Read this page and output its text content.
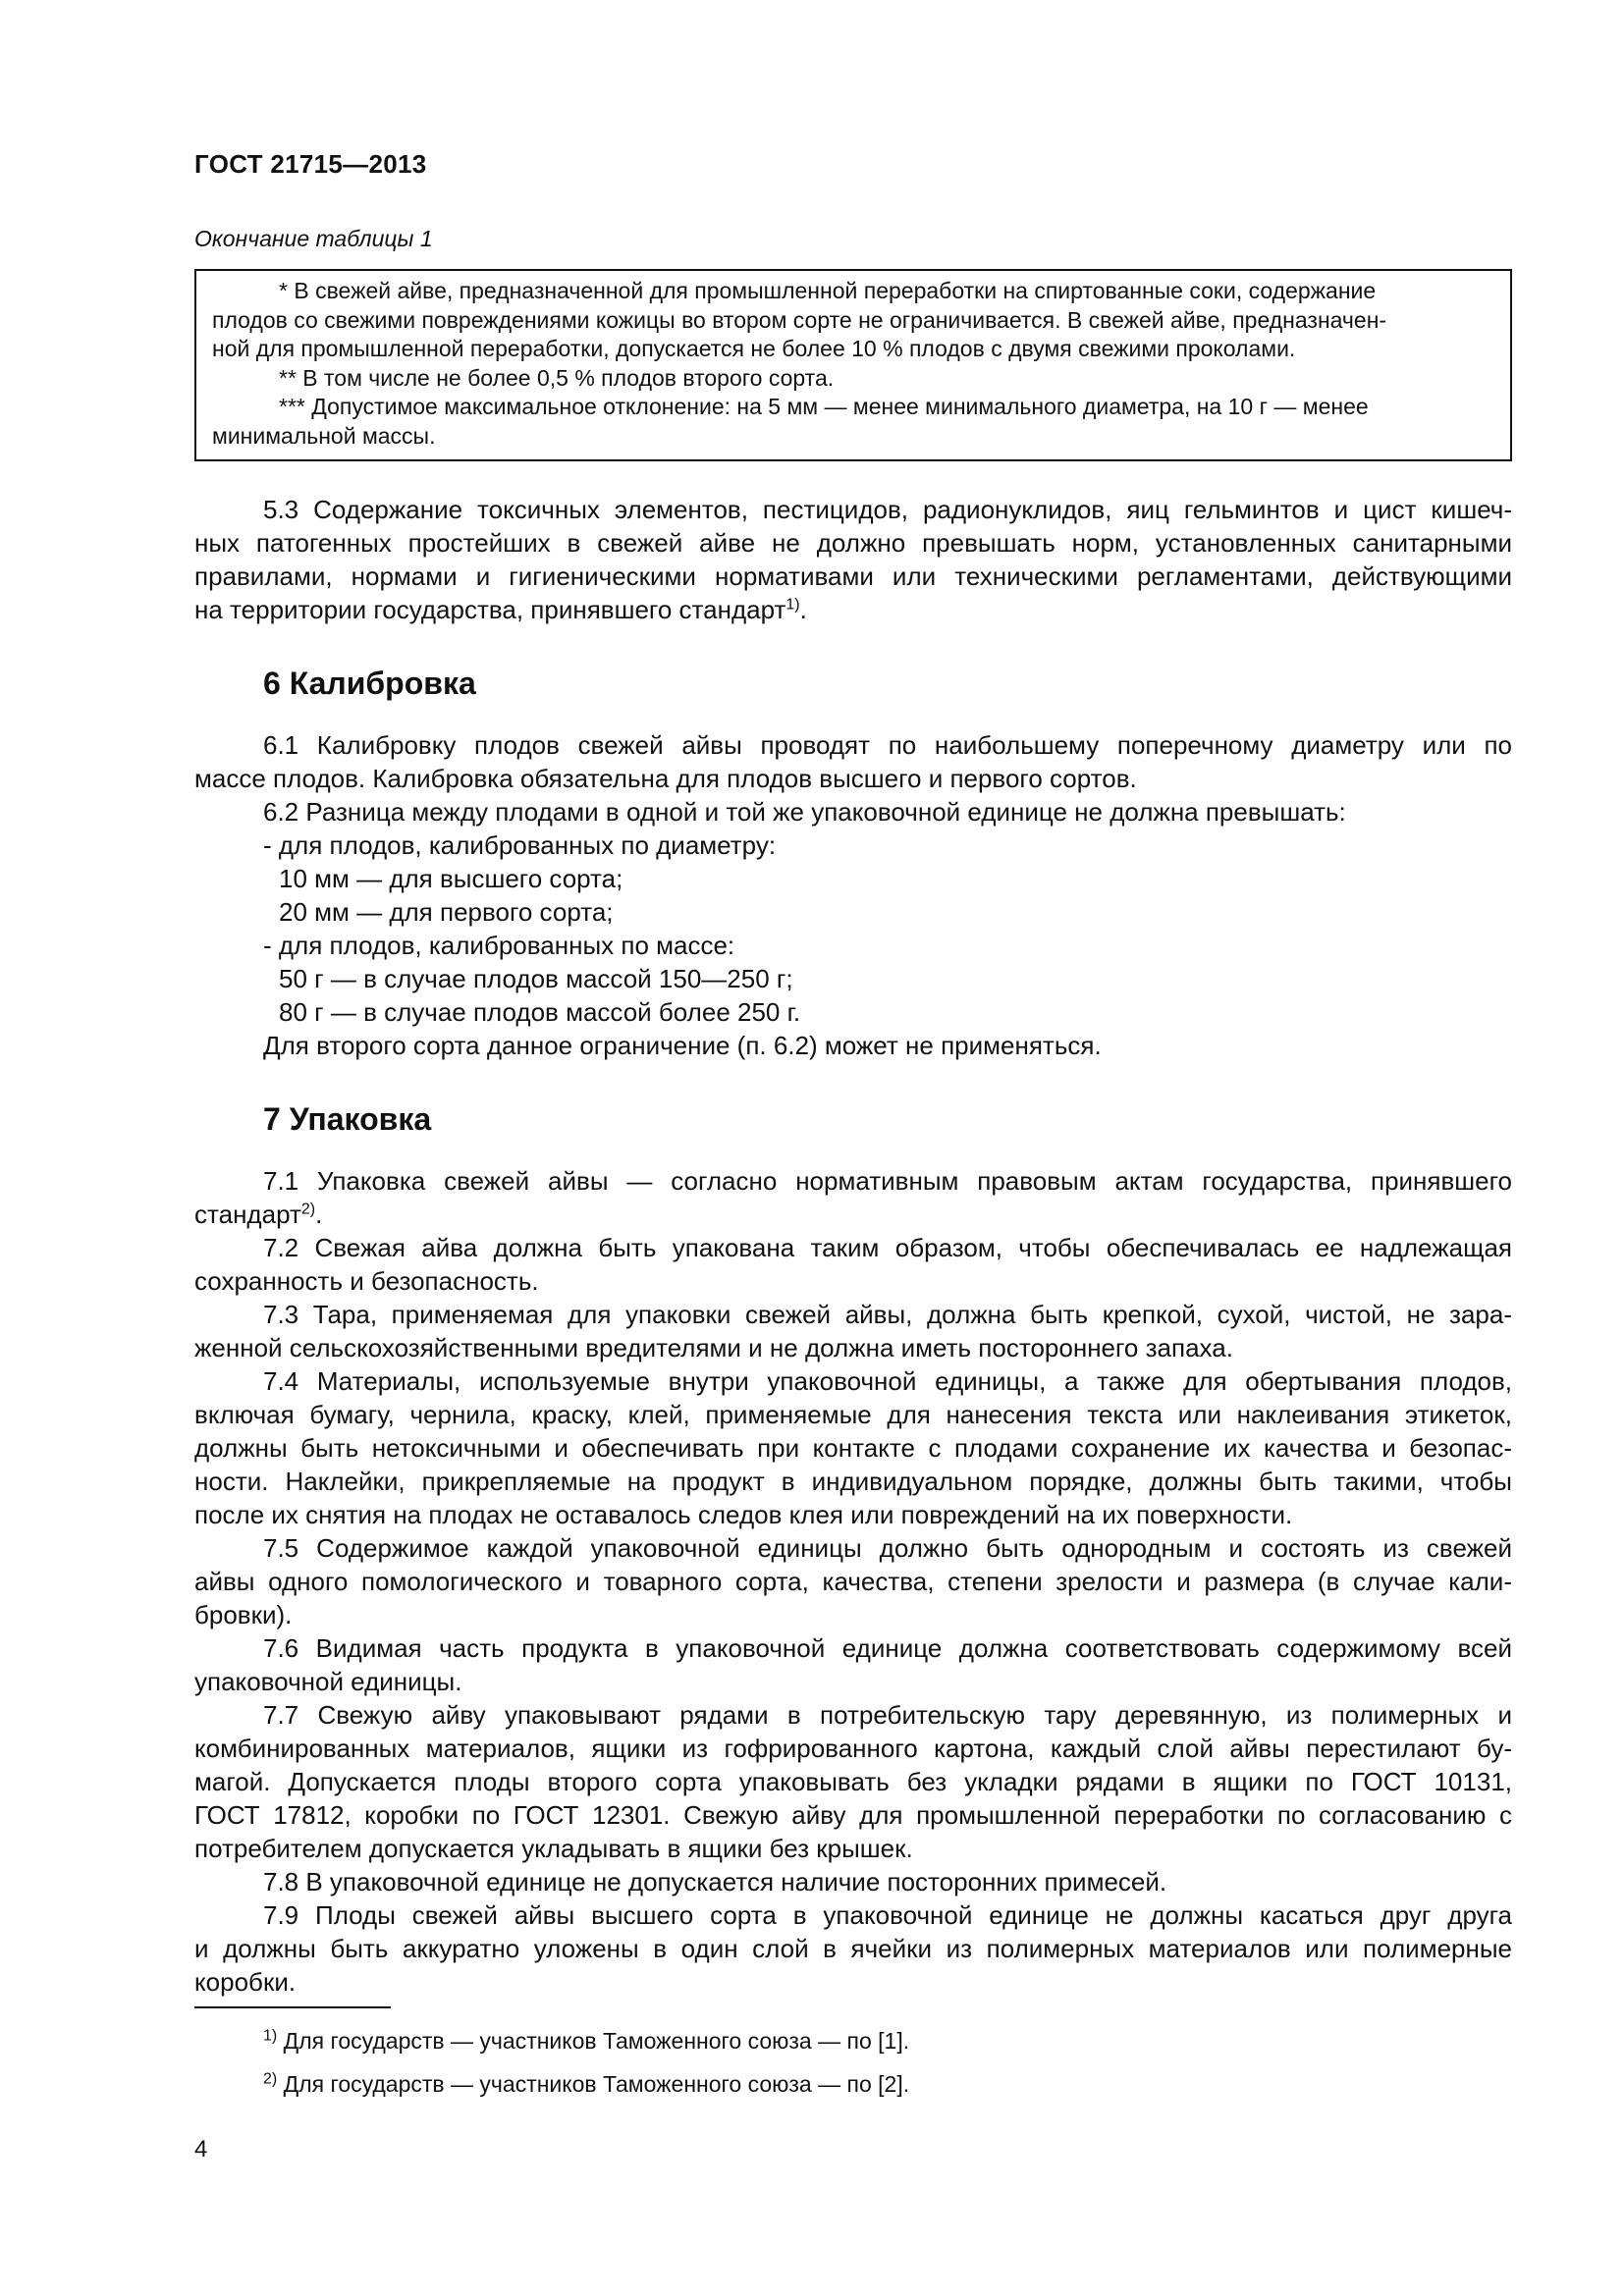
ГОСТ 21715—2013
Окончание таблицы 1

* В свежей айве, предназначенной для промышленной переработки на спиртованные соки, содержание

плодов со свежими повреждениями кожицы во втором сорте не ограничивается. В свежей айве, предназначен-

ной для промышленной переработки, допускается не более 10 % плодов с двумя свежими проколами.

** В том числе не более 0,5 % плодов второго сорта.

*** Допустимое максимальное отклонение: на 5 мм — менее минимального диаметра, на 10 г — менее

минимальной массы.

5.3 Содержание токсичных элементов, пестицидов, радионуклидов, яиц гельминтов и цист кишеч-

ных патогенных простейших в свежей айве не должно превышать норм, установленных санитарными

правилами, нормами и гигиеническими нормативами или техническими регламентами, действующими

на территории государства, принявшего стандарт$^{1)}$.

6 Калибровка

6.1 Калибровку плодов свежей айвы проводят по наибольшему поперечному диаметру или по

массе плодов. Калибровка обязательна для плодов высшего и первого сортов.

6.2 Разница между плодами в одной и той же упаковочной единице не должна превышать:

- для плодов, калиброванных по диаметру:

10 мм — для высшего сорта;

20 мм — для первого сорта;

- для плодов, калиброванных по массе:

50 г — в случае плодов массой 150—250 г;

80 г — в случае плодов массой более 250 г.

Для второго сорта данное ограничение (п. 6.2) может не применяться.

7 Упаковка

7.1 Упаковка свежей айвы — согласно нормативным правовым актам государства, принявшего

стандарт$^{2)}$.

7.2 Свежая айва должна быть упакована таким образом, чтобы обеспечивалась ее надлежащая

сохранность и безопасность.

7.3 Тара, применяемая для упаковки свежей айвы, должна быть крепкой, сухой, чистой, не зара-

женной сельскохозяйственными вредителями и не должна иметь постороннего запаха.

7.4 Материалы, используемые внутри упаковочной единицы, а также для обертывания плодов,

включая бумагу, чернила, краску, клей, применяемые для нанесения текста или наклеивания этикеток,

должны быть нетоксичными и обеспечивать при контакте с плодами сохранение их качества и безопас-

ности. Наклейки, прикрепляемые на продукт в индивидуальном порядке, должны быть такими, чтобы

после их снятия на плодах не оставалось следов клея или повреждений на их поверхности.

7.5 Содержимое каждой упаковочной единицы должно быть однородным и состоять из свежей

айвы одного помологического и товарного сорта, качества, степени зрелости и размера (в случае кали-

бровки).

7.6 Видимая часть продукта в упаковочной единице должна соответствовать содержимому всей

упаковочной единицы.

7.7 Свежую айву упаковывают рядами в потребительскую тару деревянную, из полимерных и

комбинированных материалов, ящики из гофрированного картона, каждый слой айвы перестилают бу-

магой. Допускается плоды второго сорта упаковывать без укладки рядами в ящики по ГОСТ 10131,

ГОСТ 17812, коробки по ГОСТ 12301. Свежую айву для промышленной переработки по согласованию с

потребителем допускается укладывать в ящики без крышек.

7.8 В упаковочной единице не допускается наличие посторонних примесей.

7.9 Плоды свежей айвы высшего сорта в упаковочной единице не должны касаться друг друга

и должны быть аккуратно уложены в один слой в ячейки из полимерных материалов или полимерные

коробки.

$^{1)}$ Для государств — участников Таможенного союза — по [1].
$^{2)}$ Для государств — участников Таможенного союза — по [2].
4
